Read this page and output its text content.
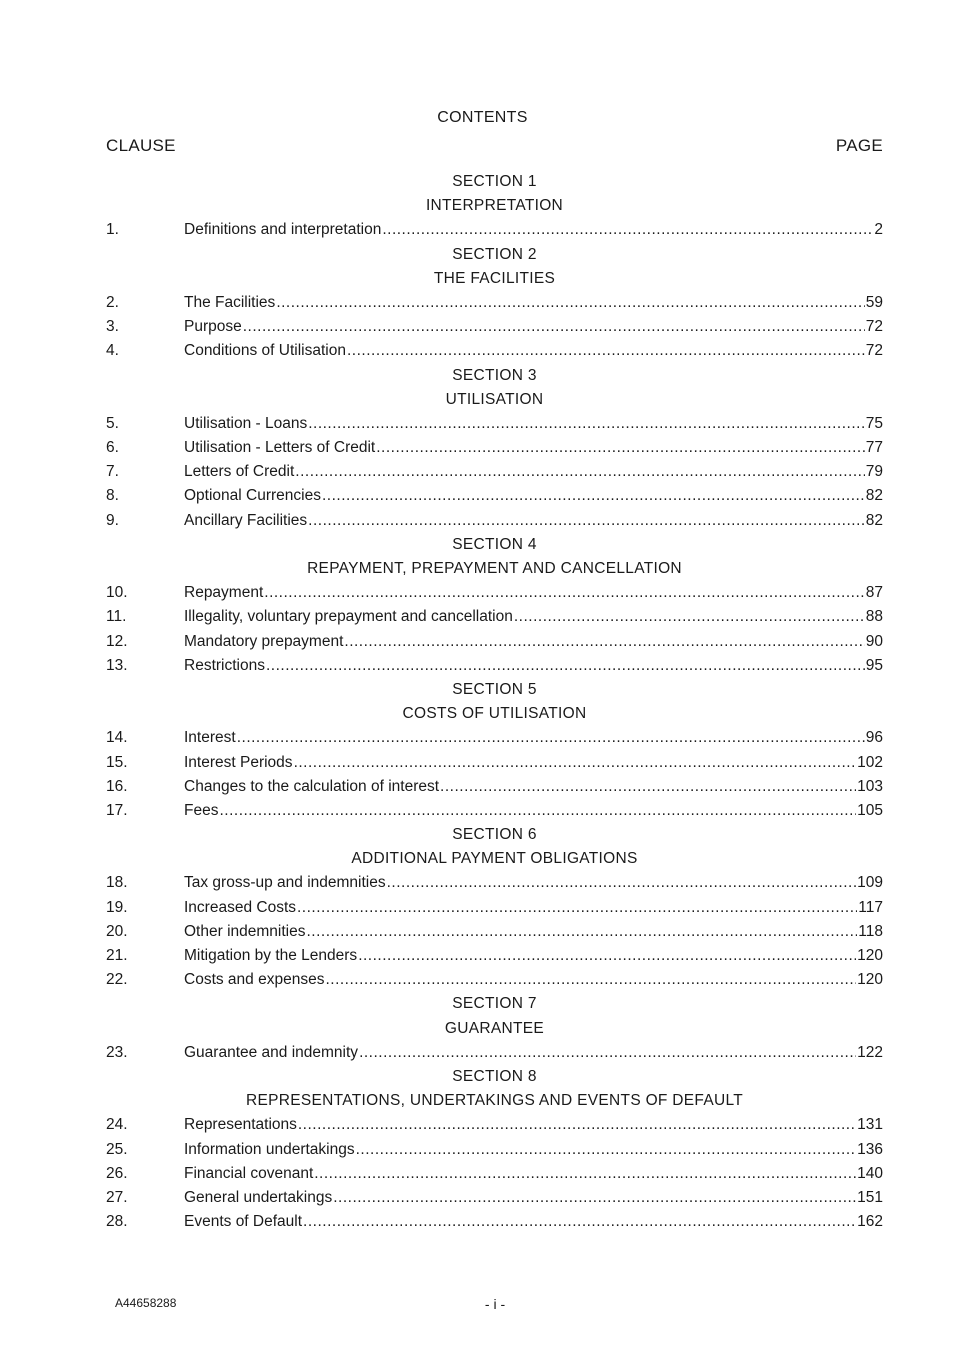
CONTENTS
CLAUSE	PAGE
SECTION 1
INTERPRETATION
1.	Definitions and interpretation .....	2
SECTION 2
THE FACILITIES
2.	The Facilities .....	59
3.	Purpose .....	72
4.	Conditions of Utilisation .....	72
SECTION 3
UTILISATION
5.	Utilisation - Loans .....	75
6.	Utilisation - Letters of Credit .....	77
7.	Letters of Credit .....	79
8.	Optional Currencies .....	82
9.	Ancillary Facilities .....	82
SECTION 4
REPAYMENT, PREPAYMENT AND CANCELLATION
10.	Repayment .....	87
11.	Illegality, voluntary prepayment and cancellation .....	88
12.	Mandatory prepayment .....	90
13.	Restrictions .....	95
SECTION 5
COSTS OF UTILISATION
14.	Interest .....	96
15.	Interest Periods .....	102
16.	Changes to the calculation of interest .....	103
17.	Fees .....	105
SECTION 6
ADDITIONAL PAYMENT OBLIGATIONS
18.	Tax gross-up and indemnities .....	109
19.	Increased Costs .....	117
20.	Other indemnities .....	118
21.	Mitigation by the Lenders .....	120
22.	Costs and expenses .....	120
SECTION 7
GUARANTEE
23.	Guarantee and indemnity .....	122
SECTION 8
REPRESENTATIONS, UNDERTAKINGS AND EVENTS OF DEFAULT
24.	Representations .....	131
25.	Information undertakings .....	136
26.	Financial covenant .....	140
27.	General undertakings .....	151
28.	Events of Default .....	162
A44658288	- i -
